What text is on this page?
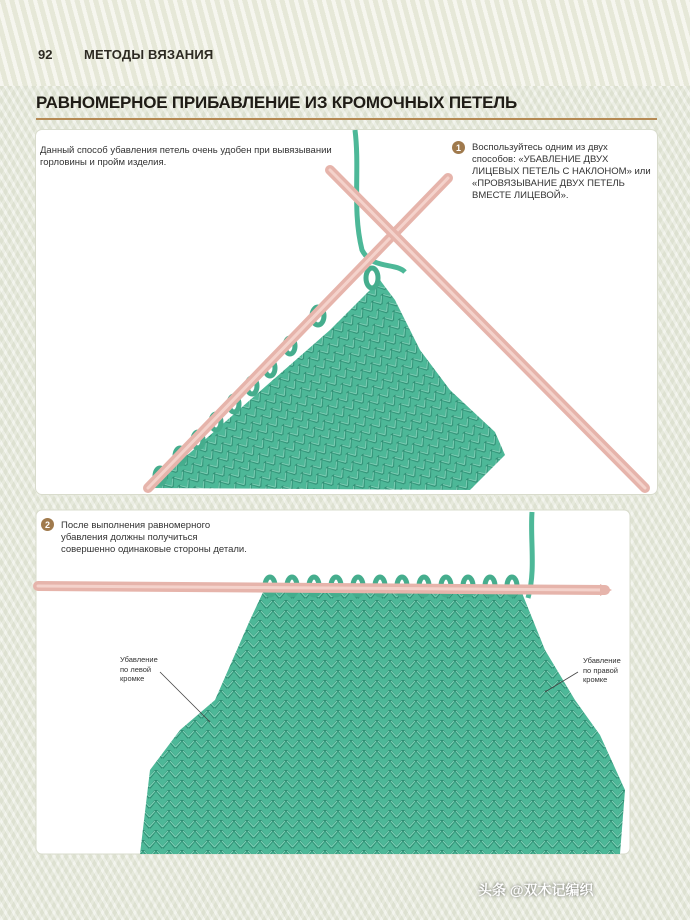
92 МЕТОДЫ ВЯЗАНИЯ
РАВНОМЕРНОЕ ПРИБАВЛЕНИЕ ИЗ КРОМОЧНЫХ ПЕТЕЛЬ
Данный способ убавления петель очень удобен при вывязывании горловины и пройм изделия.
1	Воспользуйтесь одним из двух способов: «УБАВЛЕНИЕ ДВУХ ЛИЦЕВЫХ ПЕТЕЛЬ С НАКЛОНОМ» или «ПРОВЯЗЫВАНИЕ ДВУХ ПЕТЕЛЬ ВМЕСТЕ ЛИЦЕВОЙ».
2	После выполнения равномерного убавления должны получиться совершенно одинаковые стороны детали.
Убавление по левой кромке
Убавление по правой кромке
头条 @双木记编织
